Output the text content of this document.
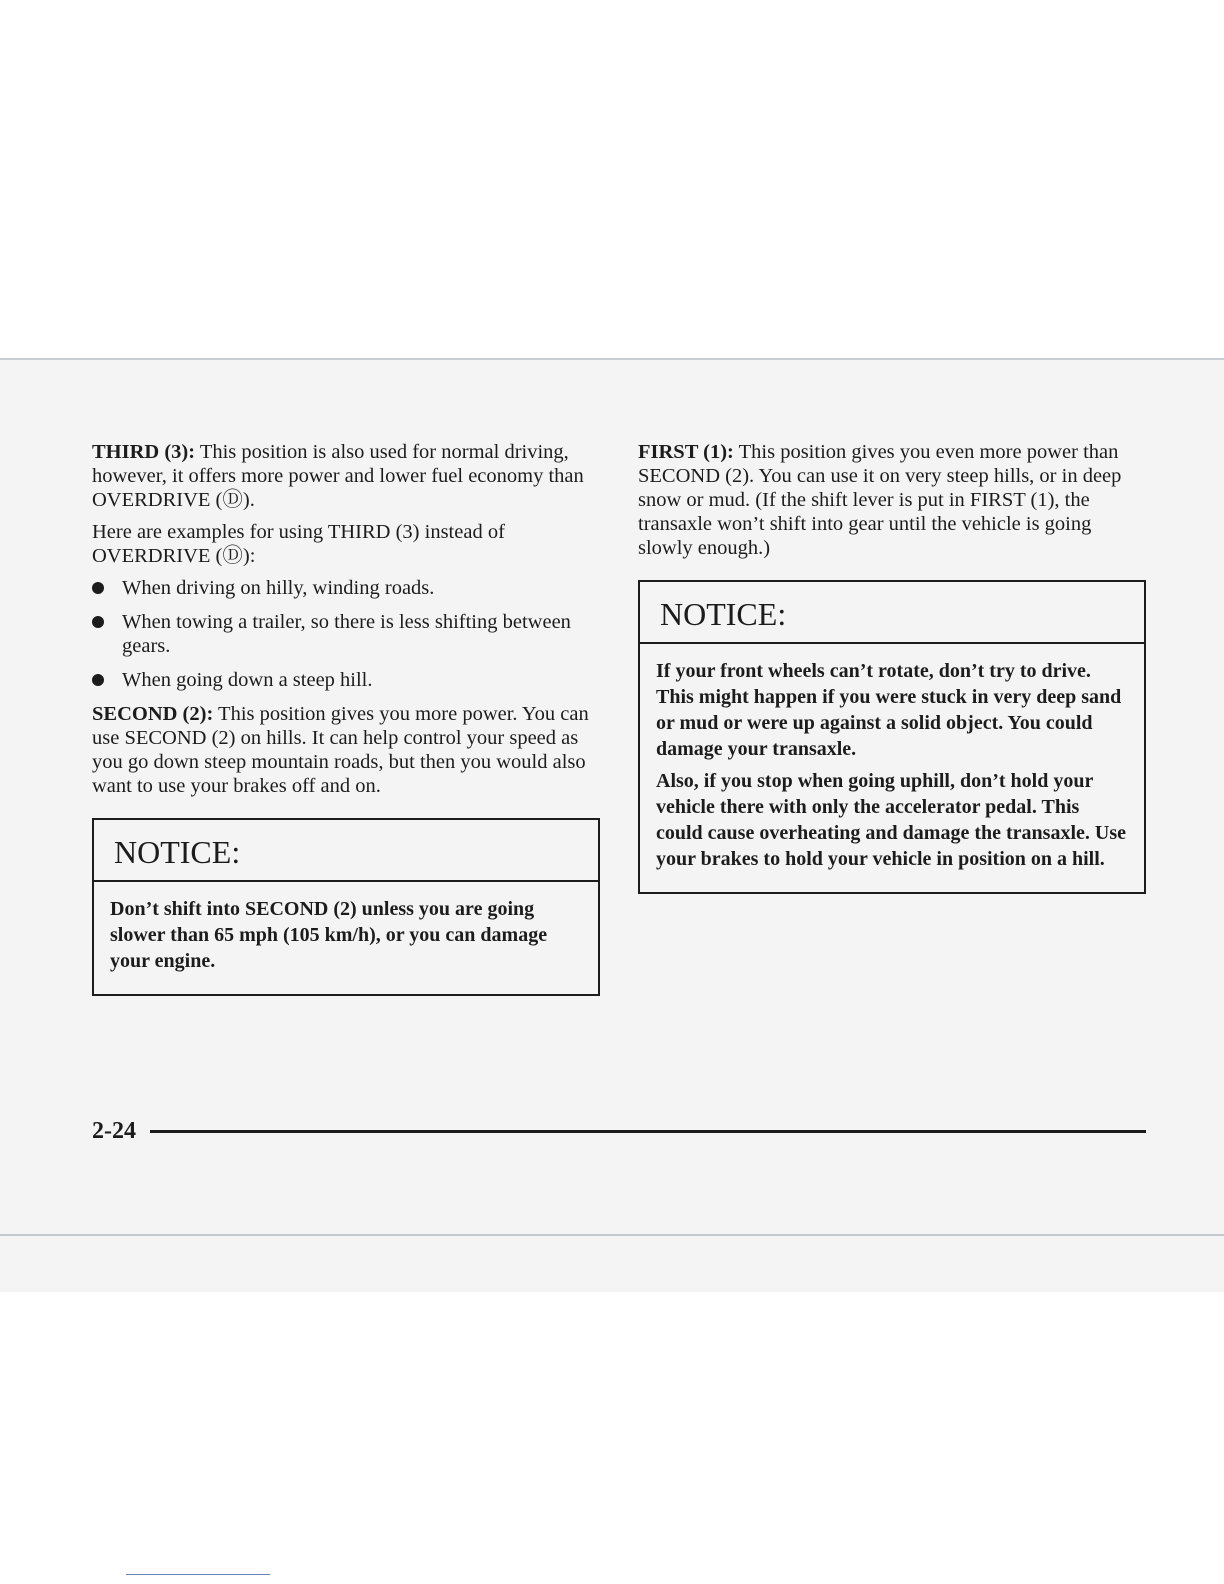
THIRD (3): This position is also used for normal driving, however, it offers more power and lower fuel economy than OVERDRIVE (Ⓓ).

Here are examples for using THIRD (3) instead of OVERDRIVE (Ⓓ):

When driving on hilly, winding roads.
When towing a trailer, so there is less shifting between gears.
When going down a steep hill.

SECOND (2): This position gives you more power. You can use SECOND (2) on hills. It can help control your speed as you go down steep mountain roads, but then you would also want to use your brakes off and on.

NOTICE:

Don’t shift into SECOND (2) unless you are going slower than 65 mph (105 km/h), or you can damage your engine.

FIRST (1): This position gives you even more power than SECOND (2). You can use it on very steep hills, or in deep snow or mud. (If the shift lever is put in FIRST (1), the transaxle won’t shift into gear until the vehicle is going slowly enough.)

NOTICE:

If your front wheels can’t rotate, don’t try to drive. This might happen if you were stuck in very deep sand or mud or were up against a solid object. You could damage your transaxle.

Also, if you stop when going uphill, don’t hold your vehicle there with only the accelerator pedal. This could cause overheating and damage the transaxle. Use your brakes to hold your vehicle in position on a hill.

2-24
